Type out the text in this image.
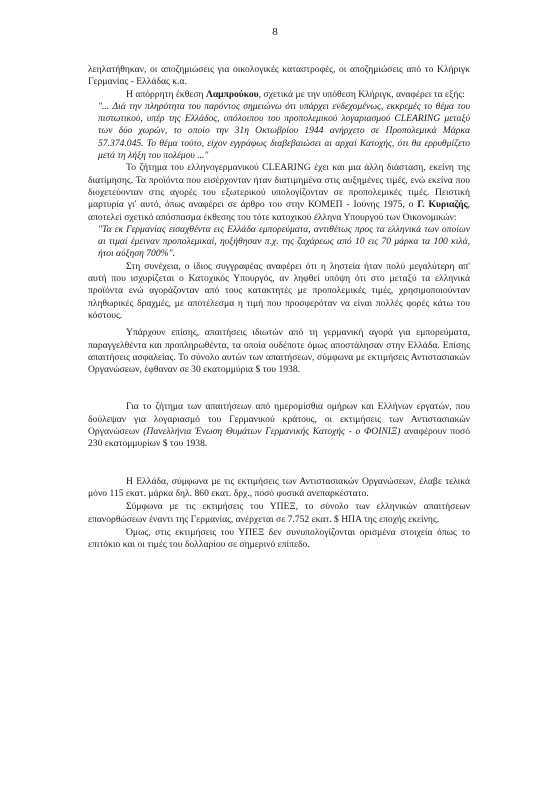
8

λεηλατήθηκαν, οι αποζημιώσεις για οικολογικές καταστροφές, οι αποζημιώσεις από το Κλήριγκ Γερμανίας - Ελλάδας κ.α.

Η απόρρητη έκθεση Λαμπρούκου, σχετικά με την υπόθεση Κλήριγκ, αναφέρει τα εξής:

"... Διά την πληρότητα του παρόντος σημειώνω ότι υπάρχει ενδεχομένως, εκκρεμές το θέμα του πιστωτικού, υπέρ της Ελλάδος, υπόλοιπου του προπολεμικού λογαριασμού CLEARING μεταξύ των δύο χωρών, το οποίο την 31η Οκτωβρίου 1944 ανήρχετο σε Προπολεμικά Μάρκα 57.374.045. Το θέμα τούτο, είχον εγγράφως διαβεβαιώσει αι αρχαί Κατοχής, ότι θα ερρυθμίζετο μετά τη λήξη του πολέμου ..."

Το ζήτημα του ελληνογερμανικού CLEARING έχει και μια άλλη διάσταση, εκείνη της διατίμησης. Τα προϊόντα που εισέρχονταν ήταν διατιμημένα στις αυξημένες τιμές, ενώ εκείνα που διοχετεύονταν στις αγορές του εξωτερικού υπολογίζονταν σε προπολεμικές τιμές. Πειστική μαρτυρία γι' αυτό, όπως αναφέρει σε άρθρο του στην ΚΟΜΕΠ - Ιούνης 1975, ο Γ. Κυριαζής, αποτελεί σχετικό απόσπασμα έκθεσης του τότε κατοχικού έλληνα Υπουργού των Οικονομικών:

"Τα εκ Γερμανίας εισαχθέντα εις Ελλάδα εμπορεύματα, αντιθέτως προς τα ελληνικά των οποίων αι τιμαί έμειναν προπολεμικαί, ηυξήθησαν π.χ. της ζαχάρεως από 10 εις 70 μάρκα τα 100 κιλά, ήτοι αύξηση 700%".

Στη συνέχεια, ο ίδιος συγγραφέας αναφέρει ότι η ληστεία ήταν πολύ μεγαλύτερη απ' αυτή που ισχυρίζεται ο Κατοχικός Υπουργός, αν ληφθεί υπόψη ότι στο μεταξύ τα ελληνικά προϊόντα ενώ αγοράζονταν από τους κατακτητές με προπολεμικές τιμές, χρησιμοποιούνταν πληθωρικές δραχμές, με αποτέλεσμα η τιμή που προσφερόταν να είναι πολλές φορές κάτω του κόστους.

Υπάρχουν επίσης, απαιτήσεις ιδιωτών από τη γερμανική αγορά για εμπορεύματα, παραγγελθέντα και προπληρωθέντα, τα οποία ουδέποτε όμως αποστάλησαν στην Ελλάδα. Επίσης απαιτήσεις ασφαλείας. Το σύνολο αυτών των απαιτήσεων, σύμφωνα με εκτιμήσεις Αντιστασιακών Οργανώσεων, έφθαναν σε 30 εκατομμύρια $ του 1938.

Για το ζήτημα των απαιτήσεων από ημερομίσθια ομήρων και Ελλήνων εργατών, που δούλεψαν για λογαριασμό του Γερμανικού κράτους, οι εκτιμήσεις των Αντιστασιακών Οργανώσεων (Πανελλήνια Ένωση Θυμάτων Γερμανικής Κατοχής - ο ΦΟΙΝΙΞ) αναφέρουν ποσό 230 εκατομμυρίων $ του 1938.

Η Ελλάδα, σύμφωνα με τις εκτιμήσεις των Αντιστασιακών Οργανώσεων, έλαβε τελικά μόνο 115 εκατ. μάρκα δηλ. 860 εκατ. δρχ., ποσό φυσικά ανεπαρκέστατο.

Σύμφωνα με τις εκτιμήσεις του ΥΠΕΞ, το σύνολο των ελληνικών απαιτήσεων επανορθώσεων έναντι της Γερμανίας, ανέρχεται σε 7.752 εκατ. $ ΗΠΑ της εποχής εκείνης.

Όμως, στις εκτιμήσεις του ΥΠΕΞ δεν συνυπολογίζονται ορισμένα στοιχεία όπως το επιτόκιο και οι τιμές του δολλαρίου σε σημερινό επίπεδο.
